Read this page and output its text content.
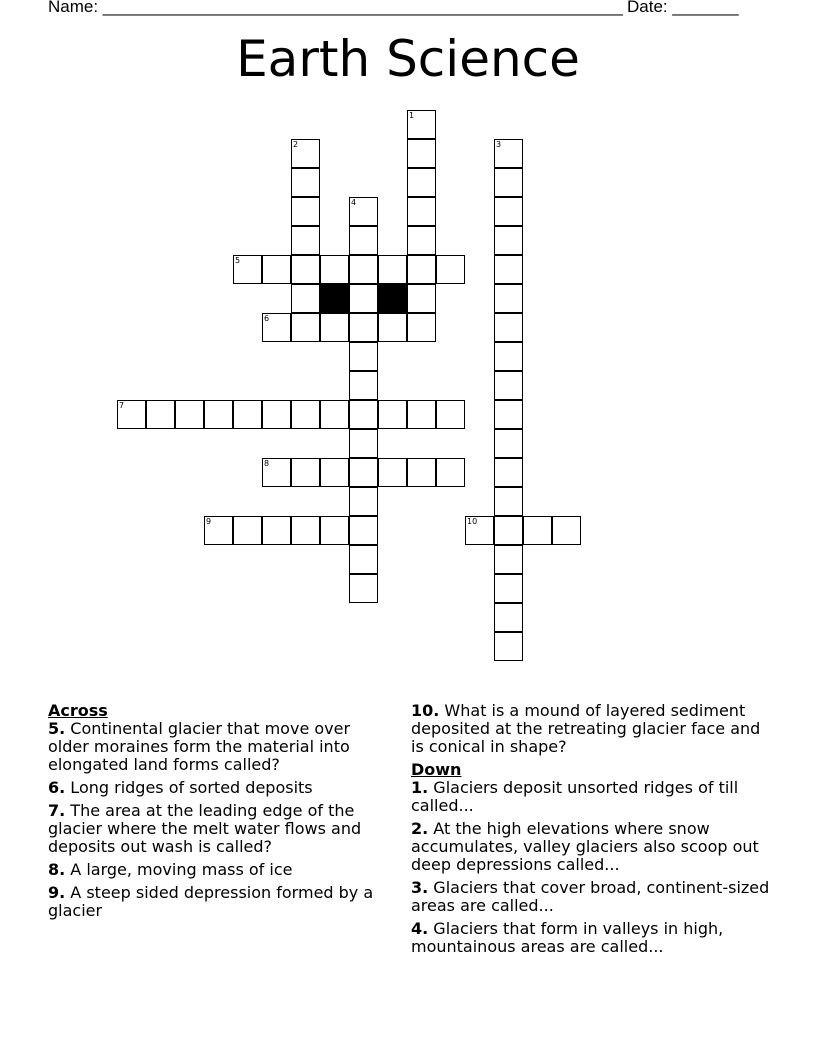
Name: _______________________________________________________ Date: _______
Earth Science
1
2	3
4
5
6
7
8
9	10
Across
5. Continental glacier that move over older moraines form the material into elongated land forms called?
6. Long ridges of sorted deposits
7. The area at the leading edge of the glacier where the melt water flows and deposits out wash is called?
8. A large, moving mass of ice
9. A steep sided depression formed by a glacier
10. What is a mound of layered sediment deposited at the retreating glacier face and is conical in shape?
Down
1. Glaciers deposit unsorted ridges of till called...
2. At the high elevations where snow accumulates, valley glaciers also scoop out deep depressions called...
3. Glaciers that cover broad, continent-sized areas are called...
4. Glaciers that form in valleys in high, mountainous areas are called...
